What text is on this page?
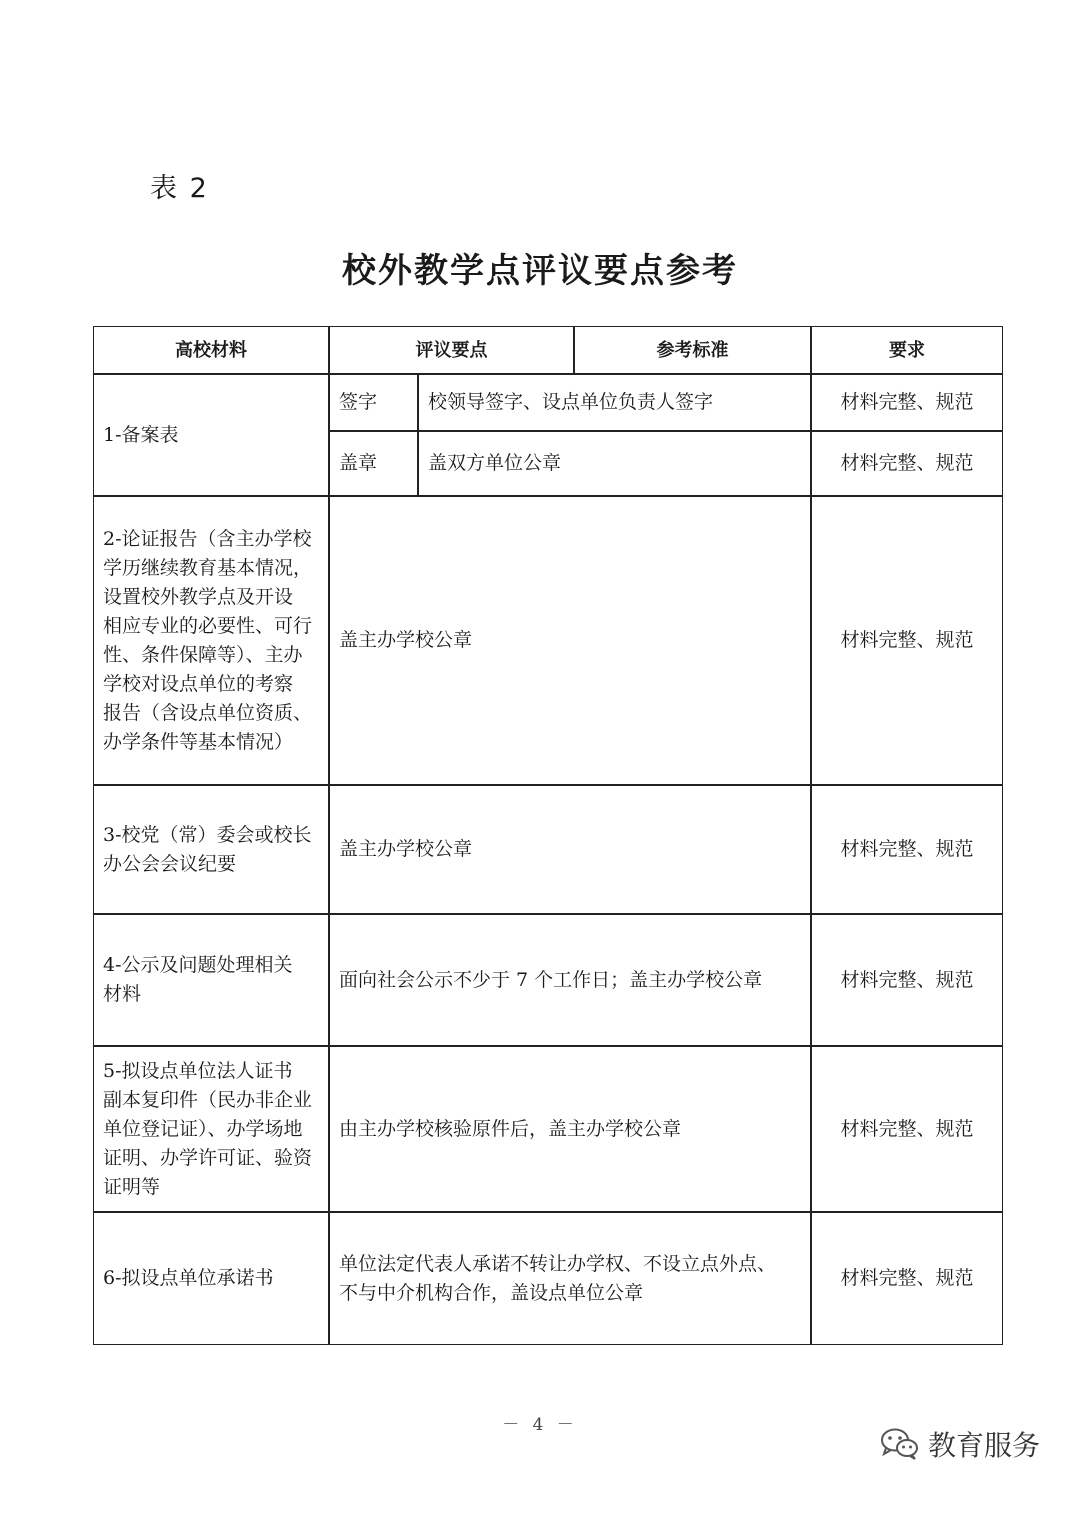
表 2
校外教学点评议要点参考
高校材料	评议要点	参考标准	要求
1-备案表
签字	校领导签字、设点单位负责人签字	材料完整、规范
盖章	盖双方单位公章	材料完整、规范
2-论证报告（含主办学校
学历继续教育基本情况，
设置校外教学点及开设
相应专业的必要性、可行
性、条件保障等）、主办
学校对设点单位的考察
报告（含设点单位资质、
办学条件等基本情况）
盖主办学校公章	材料完整、规范
3-校党（常）委会或校长
办公会会议纪要
盖主办学校公章	材料完整、规范
4-公示及问题处理相关
材料
面向社会公示不少于 7 个工作日；盖主办学校公章	材料完整、规范
5-拟设点单位法人证书
副本复印件（民办非企业
单位登记证）、办学场地
证明、办学许可证、验资
证明等
由主办学校核验原件后，盖主办学校公章	材料完整、规范
6-拟设点单位承诺书
单位法定代表人承诺不转让办学权、不设立点外点、
不与中介机构合作，盖设点单位公章
材料完整、规范
－ 4 －
教育服务
